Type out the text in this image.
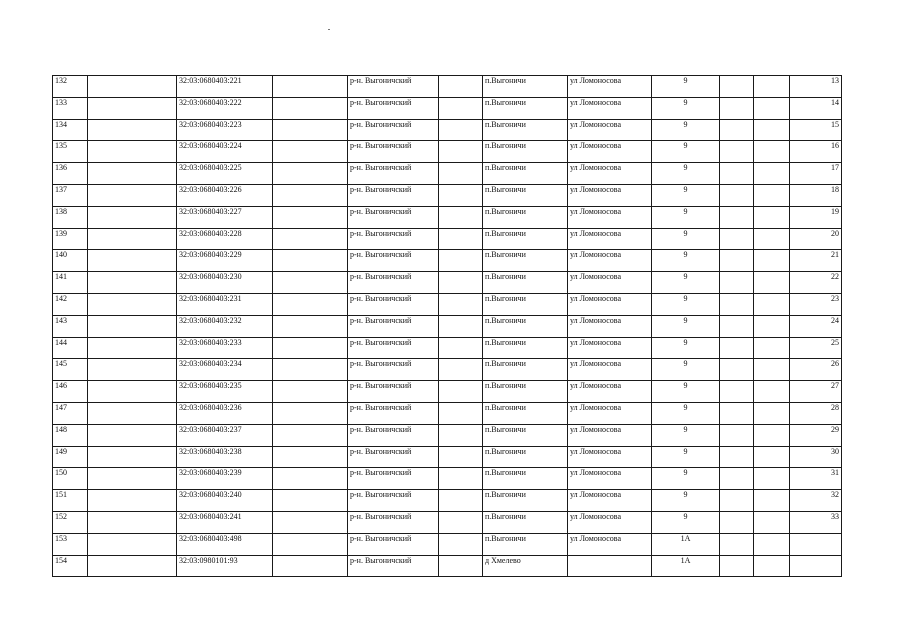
132		32:03:0680403:221		р-н. Выгоничский		п.Выгоничи	ул Ломоносова	9			13
133		32:03:0680403:222		р-н. Выгоничский		п.Выгоничи	ул Ломоносова	9			14
134		32:03:0680403:223		р-н. Выгоничский		п.Выгоничи	ул Ломоносова	9			15
135		32:03:0680403:224		р-н. Выгоничский		п.Выгоничи	ул Ломоносова	9			16
136		32:03:0680403:225		р-н. Выгоничский		п.Выгоничи	ул Ломоносова	9			17
137		32:03:0680403:226		р-н. Выгоничский		п.Выгоничи	ул Ломоносова	9			18
138		32:03:0680403:227		р-н. Выгоничский		п.Выгоничи	ул Ломоносова	9			19
139		32:03:0680403:228		р-н. Выгоничский		п.Выгоничи	ул Ломоносова	9			20
140		32:03:0680403:229		р-н. Выгоничский		п.Выгоничи	ул Ломоносова	9			21
141		32:03:0680403:230		р-н. Выгоничский		п.Выгоничи	ул Ломоносова	9			22
142		32:03:0680403:231		р-н. Выгоничский		п.Выгоничи	ул Ломоносова	9			23
143		32:03:0680403:232		р-н. Выгоничский		п.Выгоничи	ул Ломоносова	9			24
144		32:03:0680403:233		р-н. Выгоничский		п.Выгоничи	ул Ломоносова	9			25
145		32:03:0680403:234		р-н. Выгоничский		п.Выгоничи	ул Ломоносова	9			26
146		32:03:0680403:235		р-н. Выгоничский		п.Выгоничи	ул Ломоносова	9			27
147		32:03:0680403:236		р-н. Выгоничский		п.Выгоничи	ул Ломоносова	9			28
148		32:03:0680403:237		р-н. Выгоничский		п.Выгоничи	ул Ломоносова	9			29
149		32:03:0680403:238		р-н. Выгоничский		п.Выгоничи	ул Ломоносова	9			30
150		32:03:0680403:239		р-н. Выгоничский		п.Выгоничи	ул Ломоносова	9			31
151		32:03:0680403:240		р-н. Выгоничский		п.Выгоничи	ул Ломоносова	9			32
152		32:03:0680403:241		р-н. Выгоничский		п.Выгоничи	ул Ломоносова	9			33
153		32:03:0680403:498		р-н. Выгоничский		п.Выгоничи	ул Ломоносова	1А			
154		32:03:0980101:93		р-н. Выгоничский		д Хмелево		1А			
